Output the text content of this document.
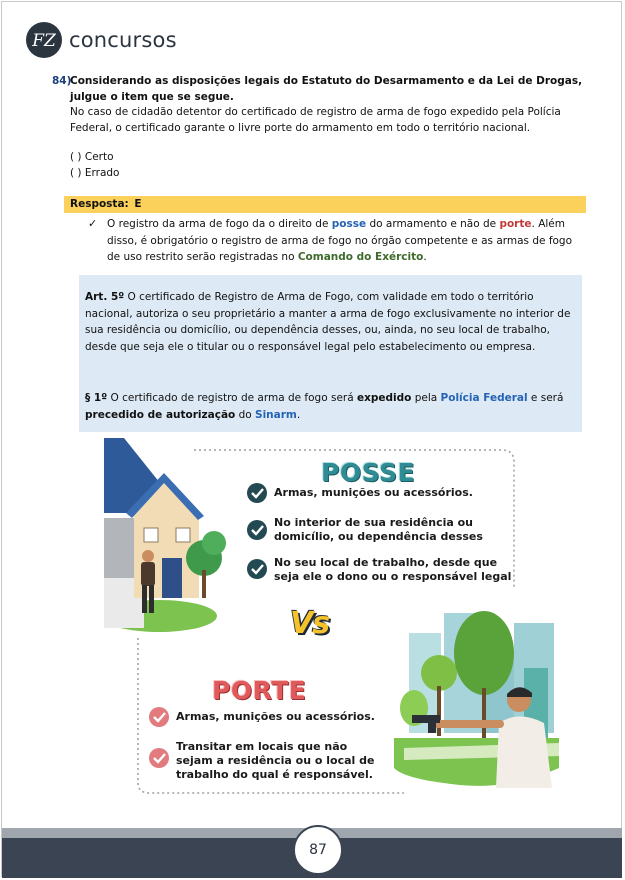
FZ concursos
84)
Considerando as disposições legais do Estatuto do Desarmamento e da Lei de Drogas, julgue o item que se segue.
No caso de cidadão detentor do certificado de registro de arma de fogo expedido pela Polícia Federal, o certificado garante o livre porte do armamento em todo o território nacional.
( ) Certo
( ) Errado
Resposta: E
✓ O registro da arma de fogo da o direito de posse do armamento e não de porte. Além disso, é obrigatório o registro de arma de fogo no órgão competente e as armas de fogo de uso restrito serão registradas no Comando do Exército.
Art. 5º O certificado de Registro de Arma de Fogo, com validade em todo o território nacional, autoriza o seu proprietário a manter a arma de fogo exclusivamente no interior de sua residência ou domicílio, ou dependência desses, ou, ainda, no seu local de trabalho, desde que seja ele o titular ou o responsável legal pelo estabelecimento ou empresa.
§ 1º O certificado de registro de arma de fogo será expedido pela Polícia Federal e será precedido de autorização do Sinarm.
POSSE
Armas, munições ou acessórios.
No interior de sua residência ou
domicílio, ou dependência desses
No seu local de trabalho, desde que
seja ele o dono ou o responsável legal
Vs
PORTE
Armas, munições ou acessórios.
Transitar em locais que não
sejam a residência ou o local de
trabalho do qual é responsável.
87
